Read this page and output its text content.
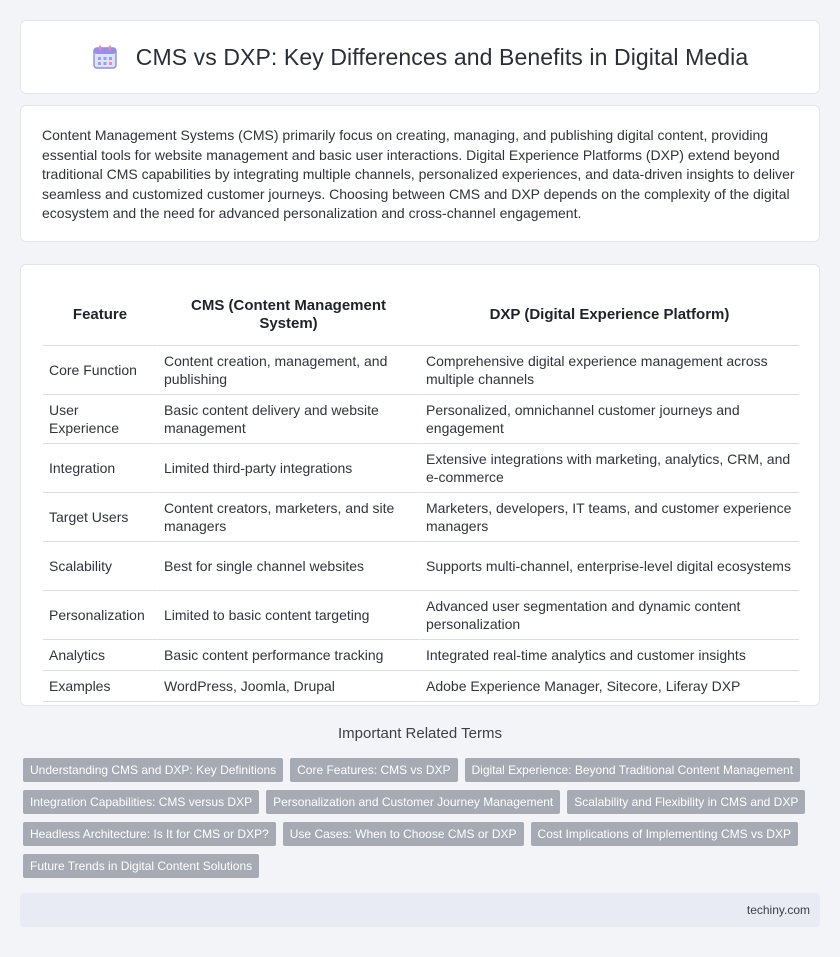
CMS vs DXP: Key Differences and Benefits in Digital Media

Content Management Systems (CMS) primarily focus on creating, managing, and publishing digital content, providing essential tools for website management and basic user interactions. Digital Experience Platforms (DXP) extend beyond traditional CMS capabilities by integrating multiple channels, personalized experiences, and data-driven insights to deliver seamless and customized customer journeys. Choosing between CMS and DXP depends on the complexity of the digital ecosystem and the need for advanced personalization and cross-channel engagement.

Feature	CMS (Content Management System)	DXP (Digital Experience Platform)
Core Function	Content creation, management, and publishing	Comprehensive digital experience management across multiple channels
User Experience	Basic content delivery and website management	Personalized, omnichannel customer journeys and engagement
Integration	Limited third-party integrations	Extensive integrations with marketing, analytics, CRM, and e-commerce
Target Users	Content creators, marketers, and site managers	Marketers, developers, IT teams, and customer experience managers
Scalability	Best for single channel websites	Supports multi-channel, enterprise-level digital ecosystems
Personalization	Limited to basic content targeting	Advanced user segmentation and dynamic content personalization
Analytics	Basic content performance tracking	Integrated real-time analytics and customer insights
Examples	WordPress, Joomla, Drupal	Adobe Experience Manager, Sitecore, Liferay DXP
Important Related Terms
Understanding CMS and DXP: Key Definitions	Core Features: CMS vs DXP	Digital Experience: Beyond Traditional Content Management
Integration Capabilities: CMS versus DXP	Personalization and Customer Journey Management	Scalability and Flexibility in CMS and DXP
Headless Architecture: Is It for CMS or DXP?	Use Cases: When to Choose CMS or DXP	Cost Implications of Implementing CMS vs DXP
Future Trends in Digital Content Solutions
techiny.com
